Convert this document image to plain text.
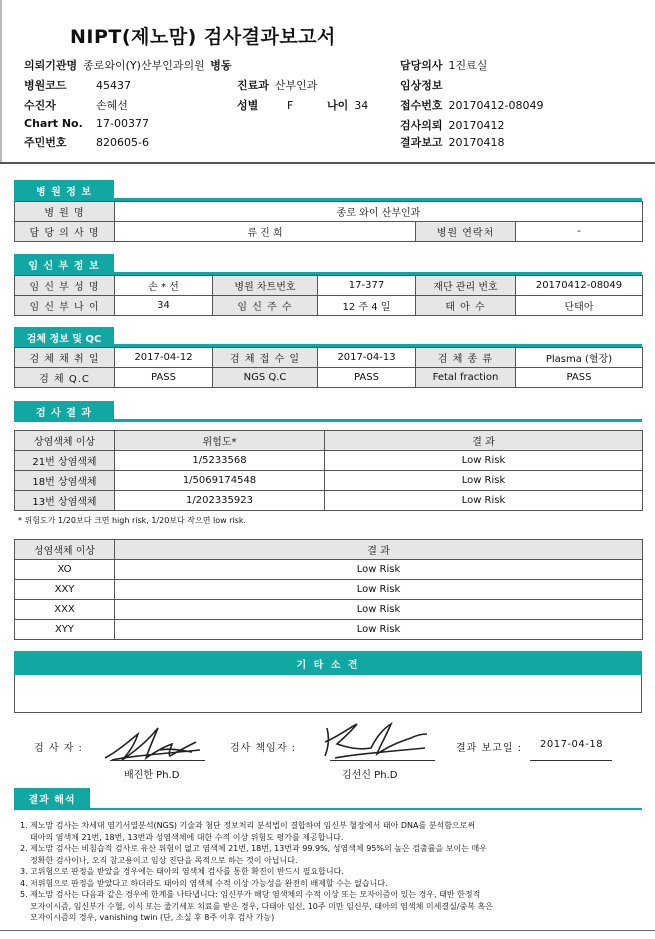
NIPT(제노맘) 검사결과보고서
의뢰기관명 종로와이(Y)산부인과의원 병동	담당의사 1진료실
병원코드	45437	진료과 산부인과	임상정보
수진자	손혜선	성별	F	나이 34	접수번호 20170412-08049
Chart No. 17-00377	검사의뢰 20170412
주민번호	820605-6	결과보고 20170418
병 원 정 보
병 원 명	종로 와이 산부인과		
담 당 의 사 명	류 진 희	병원 연락처	-
임 신 부 정 보
임 신 부 성 명	손 * 선	병원 차트번호	17-377	재단 관리 번호	20170412-08049
임 신 부 나 이	34	임 신 주 수	12 주 4 일	태 아 수	단태아
검체 정보 및 QC
검 체 채 취 일	2017-04-12	검 체 접 수 일	2017-04-13	검 체 종 류	Plasma (혈장)
검 체 Q.C	PASS	NGS Q.C	PASS	Fetal fraction	PASS
검 사 결 과
상염색체 이상	위험도*	결 과
21번 상염색체	1/5233568	Low Risk
18번 상염색체	1/5069174548	Low Risk
13번 상염색체	1/202335923	Low Risk
* 위험도가 1/20보다 크면 high risk, 1/20보다 작으면 low risk.
성염색체 이상	결 과
XO	Low Risk
XXY	Low Risk
XXX	Low Risk
XYY	Low Risk
기 타 소 견
검 사 자 :
배진한 Ph.D
검사 책임자 :
김선신 Ph.D
결과 보고일 : 2017-04-18
결과 해석
1. 제노맘 검사는 차세대 염기서열분석(NGS) 기술과 첨단 정보처리 분석법이 결합하여 임신부 혈장에서 태아 DNA를 분석함으로써
태아의 염색체 21번, 18번, 13번과 성염색체에 대한 수적 이상 위험도 평가를 제공합니다.
2. 제노맘 검사는 비침습적 검사로 유산 위험이 없고 염색체 21번, 18번, 13번과 99.9%, 성염색체 95%의 높은 검출률을 보이는 매우
정확한 검사이나, 오직 참고용이고 임상 진단을 목적으로 하는 것이 아닙니다.
3. 고위험으로 판정을 받았을 경우에는 태아의 염색체 검사를 통한 확진이 반드시 필요합니다.
4. 저위험으로 판정을 받았다고 하더라도 태아의 염색체 수적 이상 가능성을 완전히 배제할 수는 없습니다.
5. 제노맘 검사는 다음과 같은 경우에 한계를 나타냅니다: 임신부가 해당 염색체의 수적 이상 또는 모자이즘이 있는 경우, 태반 한정적
모자이시즘, 임신부가 수혈, 이식 또는 줄기세포 치료를 받은 경우, 다태아 임신, 10주 미만 임신부, 태아의 염색체 미세결실/중복 혹은
모자이시즘의 경우, vanishing twin (단, 소실 후 8주 이후 검사 가능)
